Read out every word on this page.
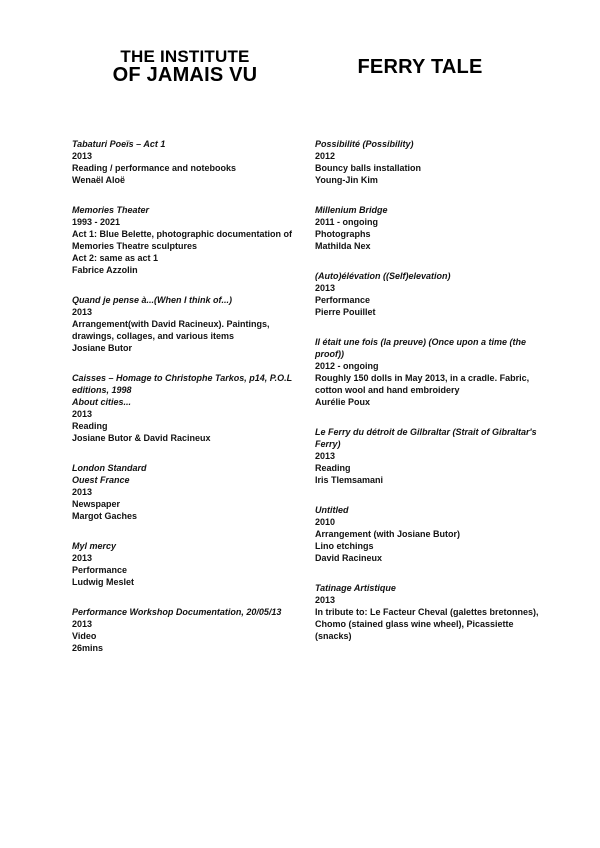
THE INSTITUTE
OF JAMAIS VU	FERRY TALE
Tabaturi Poeïs – Act 1
2013
Reading / performance and notebooks
Wenaël Aloë
Memories Theater
1993 - 2021
Act 1: Blue Belette, photographic documentation of Memories Theatre sculptures
Act 2: same as act 1
Fabrice Azzolin
Quand je pense à...(When I think of...)
2013
Arrangement(with David Racineux). Paintings, drawings, collages, and various items
Josiane Butor
Caisses – Homage to Christophe Tarkos, p14, P.O.L editions, 1998
About cities...
2013
Reading
Josiane Butor & David Racineux
London Standard
Ouest France
2013
Newspaper
Margot Gaches
Myl mercy
2013
Performance
Ludwig Meslet
Performance Workshop Documentation, 20/05/13
2013
Video
26mins
Possibilité (Possibility)
2012
Bouncy balls installation
Young-Jin Kim
Millenium Bridge
2011 - ongoing
Photographs
Mathilda Nex
(Auto)élévation ((Self)elevation)
2013
Performance
Pierre Pouillet
Il était une fois (la preuve) (Once upon a time (the proof))
2012 - ongoing
Roughly 150 dolls in May 2013, in a cradle. Fabric, cotton wool and hand embroidery
Aurélie Poux
Le Ferry du détroit de Gilbraltar (Strait of Gibraltar's Ferry)
2013
Reading
Iris Tlemsamani
Untitled
2010
Arrangement (with Josiane Butor)
Lino etchings
David Racineux
Tatinage Artistique
2013
In tribute to: Le Facteur Cheval (galettes bretonnes), Chomo (stained glass wine wheel), Picassiette (snacks)
